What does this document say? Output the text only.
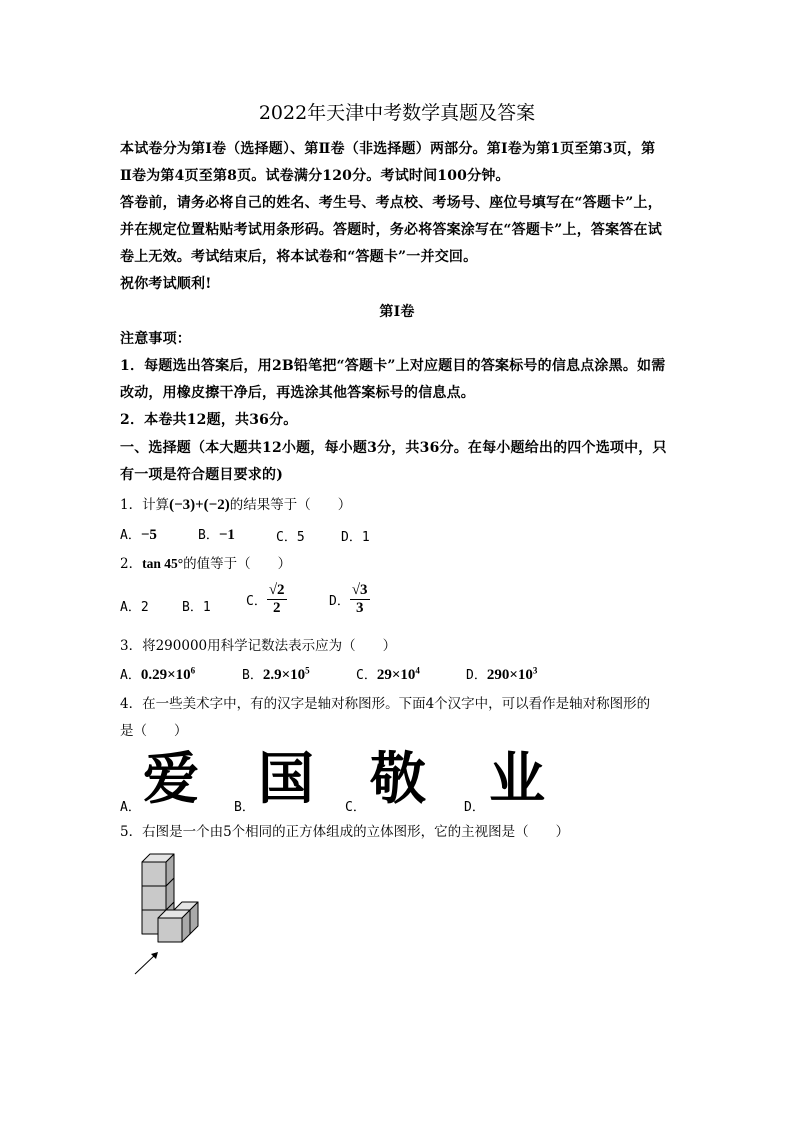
2022年天津中考数学真题及答案
本试卷分为第Ⅰ卷（选择题）、第Ⅱ卷（非选择题）两部分。第Ⅰ卷为第1页至第3页，第
Ⅱ卷为第4页至第8页。试卷满分120分。考试时间100分钟。
答卷前，请务必将自己的姓名、考生号、考点校、考场号、座位号填写在“答题卡”上，
并在规定位置粘贴考试用条形码。答题时，务必将答案涂写在“答题卡”上，答案答在试
卷上无效。考试结束后，将本试卷和“答题卡”一并交回。
祝你考试顺利!
第Ⅰ卷
注意事项：
1．每题选出答案后，用2B铅笔把“答题卡”上对应题目的答案标号的信息点涂黑。如需
改动，用橡皮擦干净后，再选涂其他答案标号的信息点。
2．本卷共12题，共36分。
一、选择题（本大题共12小题，每小题3分，共36分。在每小题给出的四个选项中，只
有一项是符合题目要求的)
1．计算(−3)+(−2)的结果等于（　　）
A．−5	B．−1	C．5	D．1
2．tan 45°的值等于（　　）
A．2	B．1	C． $\frac{√2}{2}$	D． $\frac{√3}{3}$
3．将290000用科学记数法表示应为（　　）
A．$0.29\times 10^6$	B．$2.9\times 10^5$	C．$29\times 10^4$	D．$290\times 10^3$
4．在一些美术字中，有的汉字是轴对称图形。下面4个汉字中，可以看作是轴对称图形的
是（　　）
A． 爱	B． 国 C． 敬	D． 业
5．右图是一个由5个相同的正方体组成的立体图形，它的主视图是（　　）
